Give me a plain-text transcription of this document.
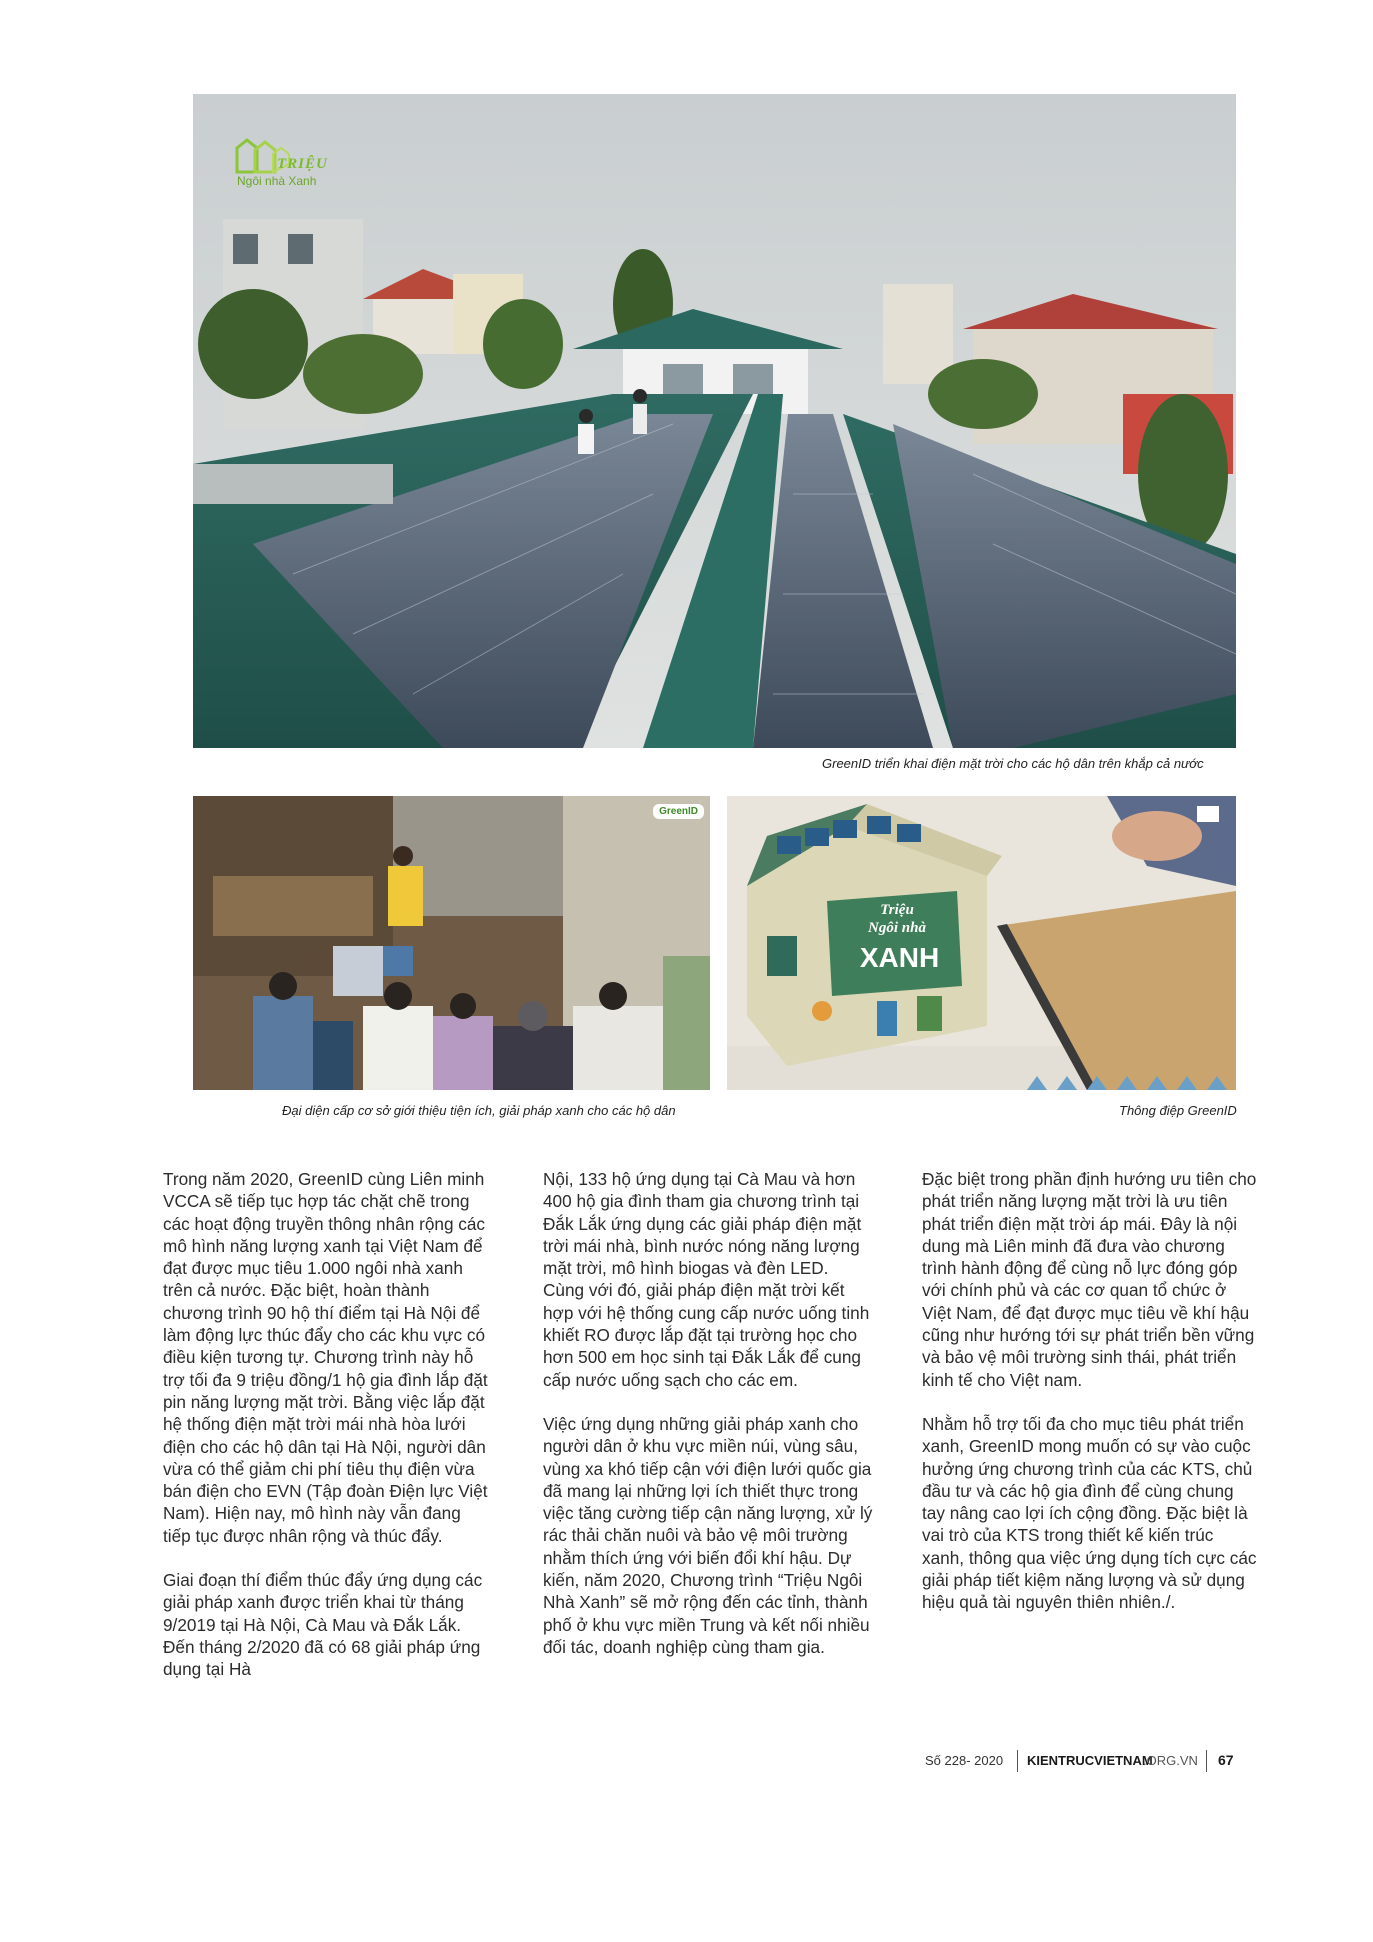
TRIỆU
Ngôi nhà Xanh
GreenID triển khai điện mặt trời cho các hộ dân trên khắp cả nước
GreenID
Đại diện cấp cơ sở giới thiệu tiện ích, giải pháp xanh cho các hộ dân
Triệu
Ngôi nhà
XANH
Thông điệp GreenID

Trong năm 2020, GreenID cùng Liên minh VCCA sẽ tiếp tục hợp tác chặt chẽ trong các hoạt động truyền thông nhân rộng các mô hình năng lượng xanh tại Việt Nam để đạt được mục tiêu 1.000 ngôi nhà xanh trên cả nước. Đặc biệt, hoàn thành chương trình 90 hộ thí điểm tại Hà Nội để làm động lực thúc đẩy cho các khu vực có điều kiện tương tự. Chương trình này hỗ trợ tối đa 9 triệu đồng/1 hộ gia đình lắp đặt pin năng lượng mặt trời. Bằng việc lắp đặt hệ thống điện mặt trời mái nhà hòa lưới điện cho các hộ dân tại Hà Nội, người dân vừa có thể giảm chi phí tiêu thụ điện vừa bán điện cho EVN (Tập đoàn Điện lực Việt Nam). Hiện nay, mô hình này vẫn đang tiếp tục được nhân rộng và thúc đẩy.

Giai đoạn thí điểm thúc đẩy ứng dụng các giải pháp xanh được triển khai từ tháng 9/2019 tại Hà Nội, Cà Mau và Đắk Lắk. Đến tháng 2/2020 đã có 68 giải pháp ứng dụng tại Hà

Nội, 133 hộ ứng dụng tại Cà Mau và hơn 400 hộ gia đình tham gia chương trình tại Đắk Lắk ứng dụng các giải pháp điện mặt trời mái nhà, bình nước nóng năng lượng mặt trời, mô hình biogas và đèn LED. Cùng với đó, giải pháp điện mặt trời kết hợp với hệ thống cung cấp nước uống tinh khiết RO được lắp đặt tại trường học cho hơn 500 em học sinh tại Đắk Lắk để cung cấp nước uống sạch cho các em.

Việc ứng dụng những giải pháp xanh cho người dân ở khu vực miền núi, vùng sâu, vùng xa khó tiếp cận với điện lưới quốc gia đã mang lại những lợi ích thiết thực trong việc tăng cường tiếp cận năng lượng, xử lý rác thải chăn nuôi và bảo vệ môi trường nhằm thích ứng với biến đổi khí hậu. Dự kiến, năm 2020, Chương trình “Triệu Ngôi Nhà Xanh” sẽ mở rộng đến các tỉnh, thành phố ở khu vực miền Trung và kết nối nhiều đối tác, doanh nghiệp cùng tham gia.

Đặc biệt trong phần định hướng ưu tiên cho phát triển năng lượng mặt trời là ưu tiên phát triển điện mặt trời áp mái. Đây là nội dung mà Liên minh đã đưa vào chương trình hành động để cùng nỗ lực đóng góp với chính phủ và các cơ quan tổ chức ở Việt Nam, để đạt được mục tiêu về khí hậu cũng như hướng tới sự phát triển bền vững và bảo vệ môi trường sinh thái, phát triển kinh tế cho Việt nam.

Nhằm hỗ trợ tối đa cho mục tiêu phát triển xanh, GreenID mong muốn có sự vào cuộc hưởng ứng chương trình của các KTS, chủ đầu tư và các hộ gia đình để cùng chung tay nâng cao lợi ích cộng đồng. Đặc biệt là vai trò của KTS trong thiết kế kiến trúc xanh, thông qua việc ứng dụng tích cực các giải pháp tiết kiệm năng lượng và sử dụng hiệu quả tài nguyên thiên nhiên./.

Số 228- 2020 KIENTRUCVIETNAM
.ORG.VN 67
